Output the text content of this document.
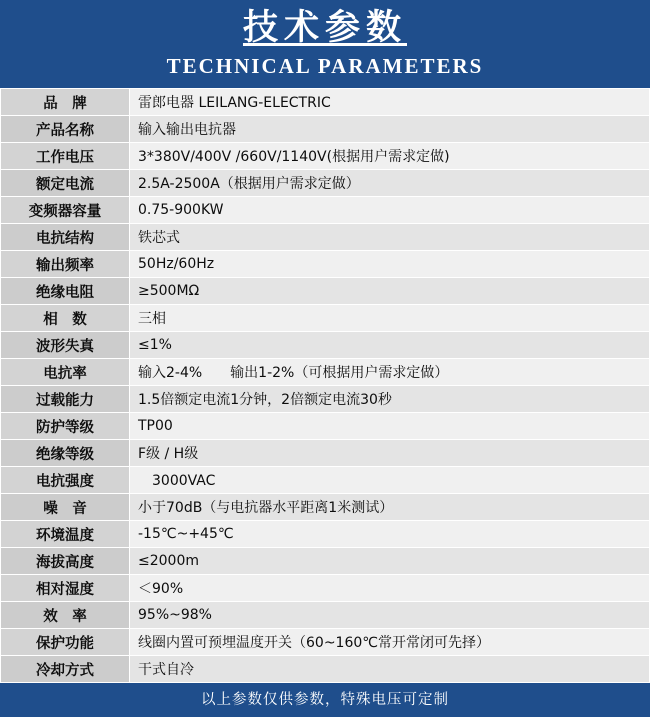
技术参数
TECHNICAL PARAMETERS
品　牌	雷郎电器 LEILANG-ELECTRIC
产品名称	输入输出电抗器
工作电压	3*380V/400V /660V/1140V(根据用户需求定做)
额定电流	2.5A-2500A（根据用户需求定做）
变频器容量	0.75-900KW
电抗结构	铁芯式
输出频率	50Hz/60Hz
绝缘电阻	≥500MΩ
相　数	三相
波形失真	≤1%
电抗率	输入2-4%　　输出1-2%（可根据用户需求定做）
过载能力	1.5倍额定电流1分钟，2倍额定电流30秒
防护等级	TP00
绝缘等级	F级 / H级
电抗强度	　3000VAC
噪　音	小于70dB（与电抗器水平距离1米测试）
环境温度	-15℃~+45℃
海拔高度	≤2000m
相对湿度	＜90%
效　率	95%~98%
保护功能	线圈内置可预埋温度开关（60~160℃常开常闭可先择）
冷却方式	干式自冷
以上参数仅供参数，特殊电压可定制
